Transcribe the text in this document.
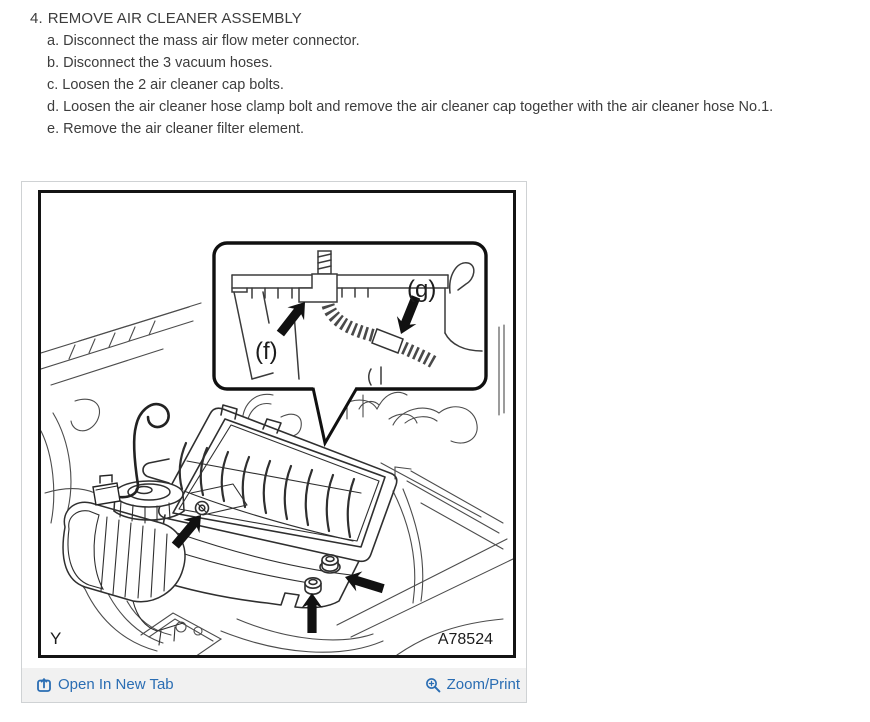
4. REMOVE AIR CLEANER ASSEMBLY
a. Disconnect the mass air flow meter connector.
b. Disconnect the 3 vacuum hoses.
c. Loosen the 2 air cleaner cap bolts.
d. Loosen the air cleaner hose clamp bolt and remove the air cleaner cap together with the air cleaner hose No.1.
e. Remove the air cleaner filter element.
(f)
(g)
Y	A78524
Open In New Tab	Zoom/Print
